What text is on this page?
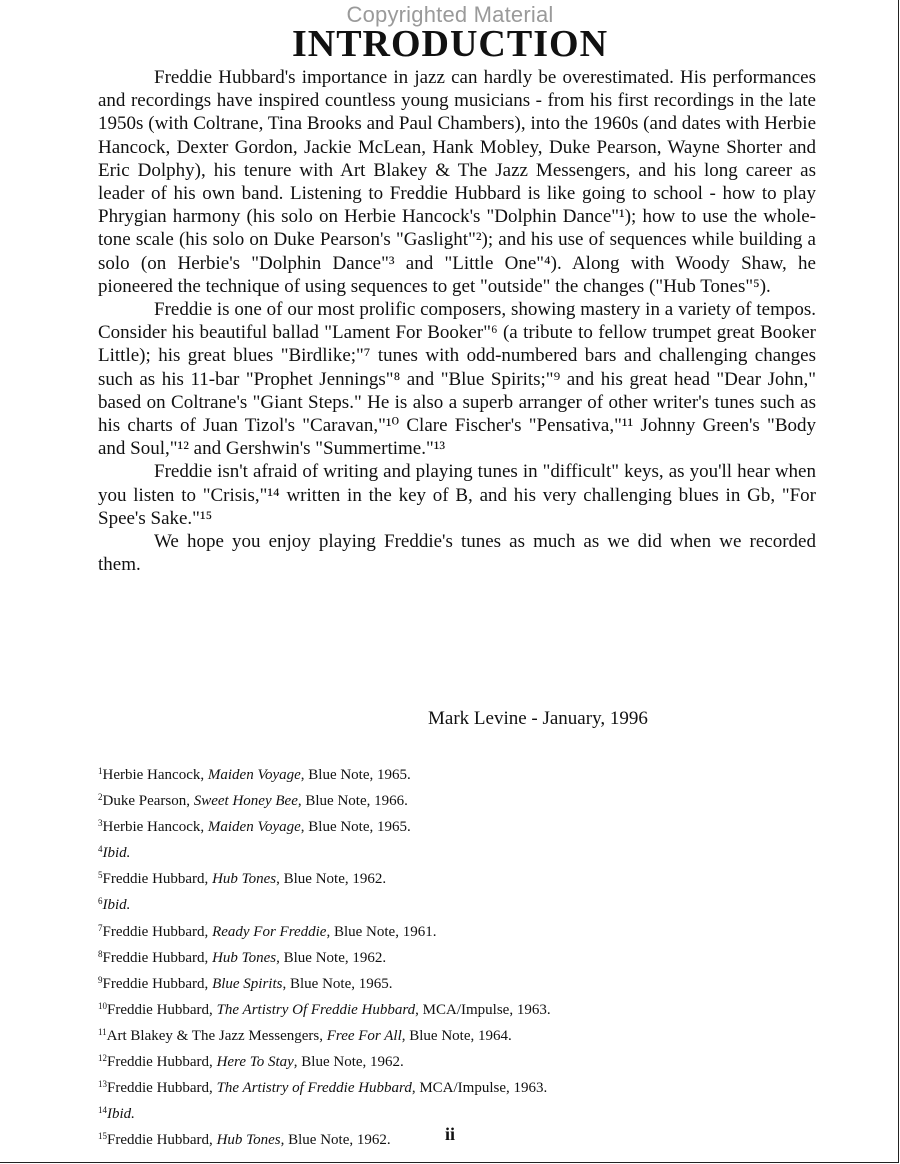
Copyrighted Material
INTRODUCTION

Freddie Hubbard's importance in jazz can hardly be overestimated. His performances and recordings have inspired countless young musicians - from his first recordings in the late 1950s (with Coltrane, Tina Brooks and Paul Chambers), into the 1960s (and dates with Herbie Hancock, Dexter Gordon, Jackie McLean, Hank Mobley, Duke Pearson, Wayne Shorter and Eric Dolphy), his tenure with Art Blakey & The Jazz Messengers, and his long career as leader of his own band. Listening to Freddie Hubbard is like going to school - how to play Phrygian harmony (his solo on Herbie Hancock's "Dolphin Dance"¹); how to use the whole-tone scale (his solo on Duke Pearson's "Gaslight"²); and his use of sequences while building a solo (on Herbie's "Dolphin Dance"³ and "Little One"⁴). Along with Woody Shaw, he pioneered the technique of using sequences to get "outside" the changes ("Hub Tones"⁵).

Freddie is one of our most prolific composers, showing mastery in a variety of tempos. Consider his beautiful ballad "Lament For Booker"⁶ (a tribute to fellow trumpet great Booker Little); his great blues "Birdlike;"⁷ tunes with odd-numbered bars and challenging changes such as his 11-bar "Prophet Jennings"⁸ and "Blue Spirits;"⁹ and his great head "Dear John," based on Coltrane's "Giant Steps." He is also a superb arranger of other writer's tunes such as his charts of Juan Tizol's "Caravan,"¹⁰ Clare Fischer's "Pensativa,"¹¹ Johnny Green's "Body and Soul,"¹² and Gershwin's "Summertime."¹³

Freddie isn't afraid of writing and playing tunes in "difficult" keys, as you'll hear when you listen to "Crisis,"¹⁴ written in the key of B, and his very challenging blues in Gb, "For Spee's Sake."¹⁵

We hope you enjoy playing Freddie's tunes as much as we did when we recorded them.

Mark Levine - January, 1996
$^1$Herbie Hancock, Maiden Voyage, Blue Note, 1965.
$^2$Duke Pearson, Sweet Honey Bee, Blue Note, 1966.
$^3$Herbie Hancock, Maiden Voyage, Blue Note, 1965.
$^4$Ibid.
$^5$Freddie Hubbard, Hub Tones, Blue Note, 1962.
$^6$Ibid.
$^7$Freddie Hubbard, Ready For Freddie, Blue Note, 1961.
$^8$Freddie Hubbard, Hub Tones, Blue Note, 1962.
$^9$Freddie Hubbard, Blue Spirits, Blue Note, 1965.
$^{10}$Freddie Hubbard, The Artistry Of Freddie Hubbard, MCA/Impulse, 1963.
$^{11}$Art Blakey & The Jazz Messengers, Free For All, Blue Note, 1964.
$^{12}$Freddie Hubbard, Here To Stay, Blue Note, 1962.
$^{13}$Freddie Hubbard, The Artistry of Freddie Hubbard, MCA/Impulse, 1963.
$^{14}$Ibid.
$^{15}$Freddie Hubbard, Hub Tones, Blue Note, 1962.	ii
